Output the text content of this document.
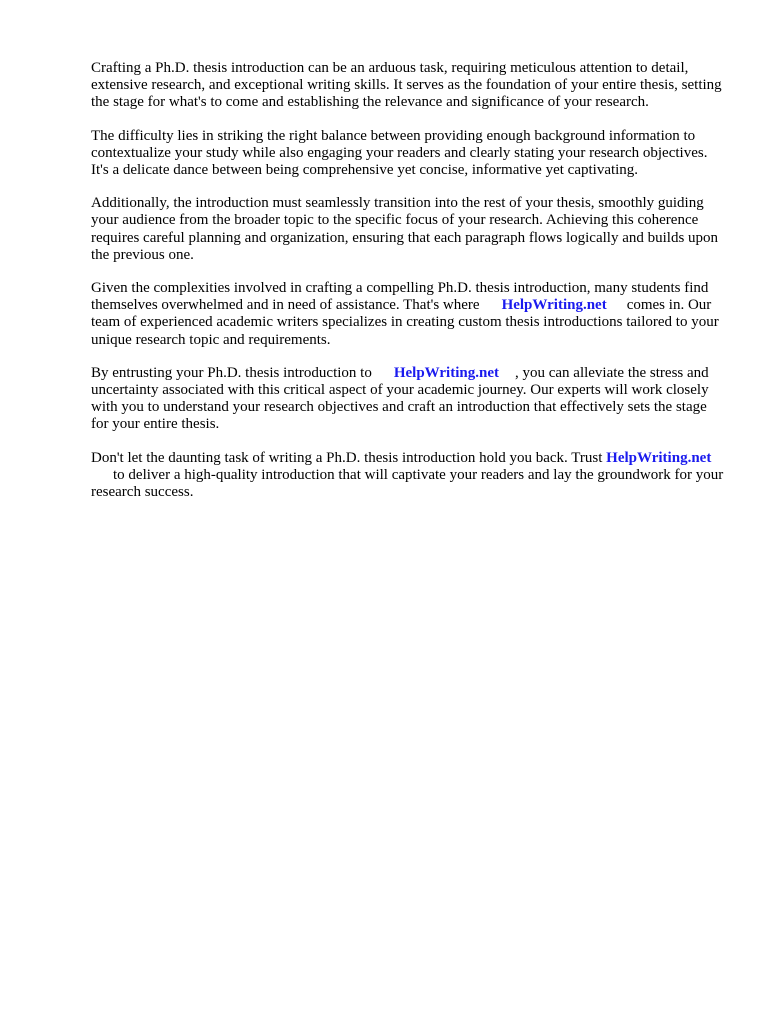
Crafting a Ph.D. thesis introduction can be an arduous task, requiring meticulous attention to detail, extensive research, and exceptional writing skills. It serves as the foundation of your entire thesis, setting the stage for what's to come and establishing the relevance and significance of your research.

The difficulty lies in striking the right balance between providing enough background information to contextualize your study while also engaging your readers and clearly stating your research objectives. It's a delicate dance between being comprehensive yet concise, informative yet captivating.

Additionally, the introduction must seamlessly transition into the rest of your thesis, smoothly guiding your audience from the broader topic to the specific focus of your research. Achieving this coherence requires careful planning and organization, ensuring that each paragraph flows logically and builds upon the previous one.

Given the complexities involved in crafting a compelling Ph.D. thesis introduction, many students find themselves overwhelmed and in need of assistance. That's where HelpWriting.net comes in. Our team of experienced academic writers specializes in creating custom thesis introductions tailored to your unique research topic and requirements.

By entrusting your Ph.D. thesis introduction to HelpWriting.net , you can alleviate the stress and uncertainty associated with this critical aspect of your academic journey. Our experts will work closely with you to understand your research objectives and craft an introduction that effectively sets the stage for your entire thesis.

Don't let the daunting task of writing a Ph.D. thesis introduction hold you back. Trust HelpWriting.netto deliver a high-quality introduction that will captivate your readers and lay the groundwork for your research success.
